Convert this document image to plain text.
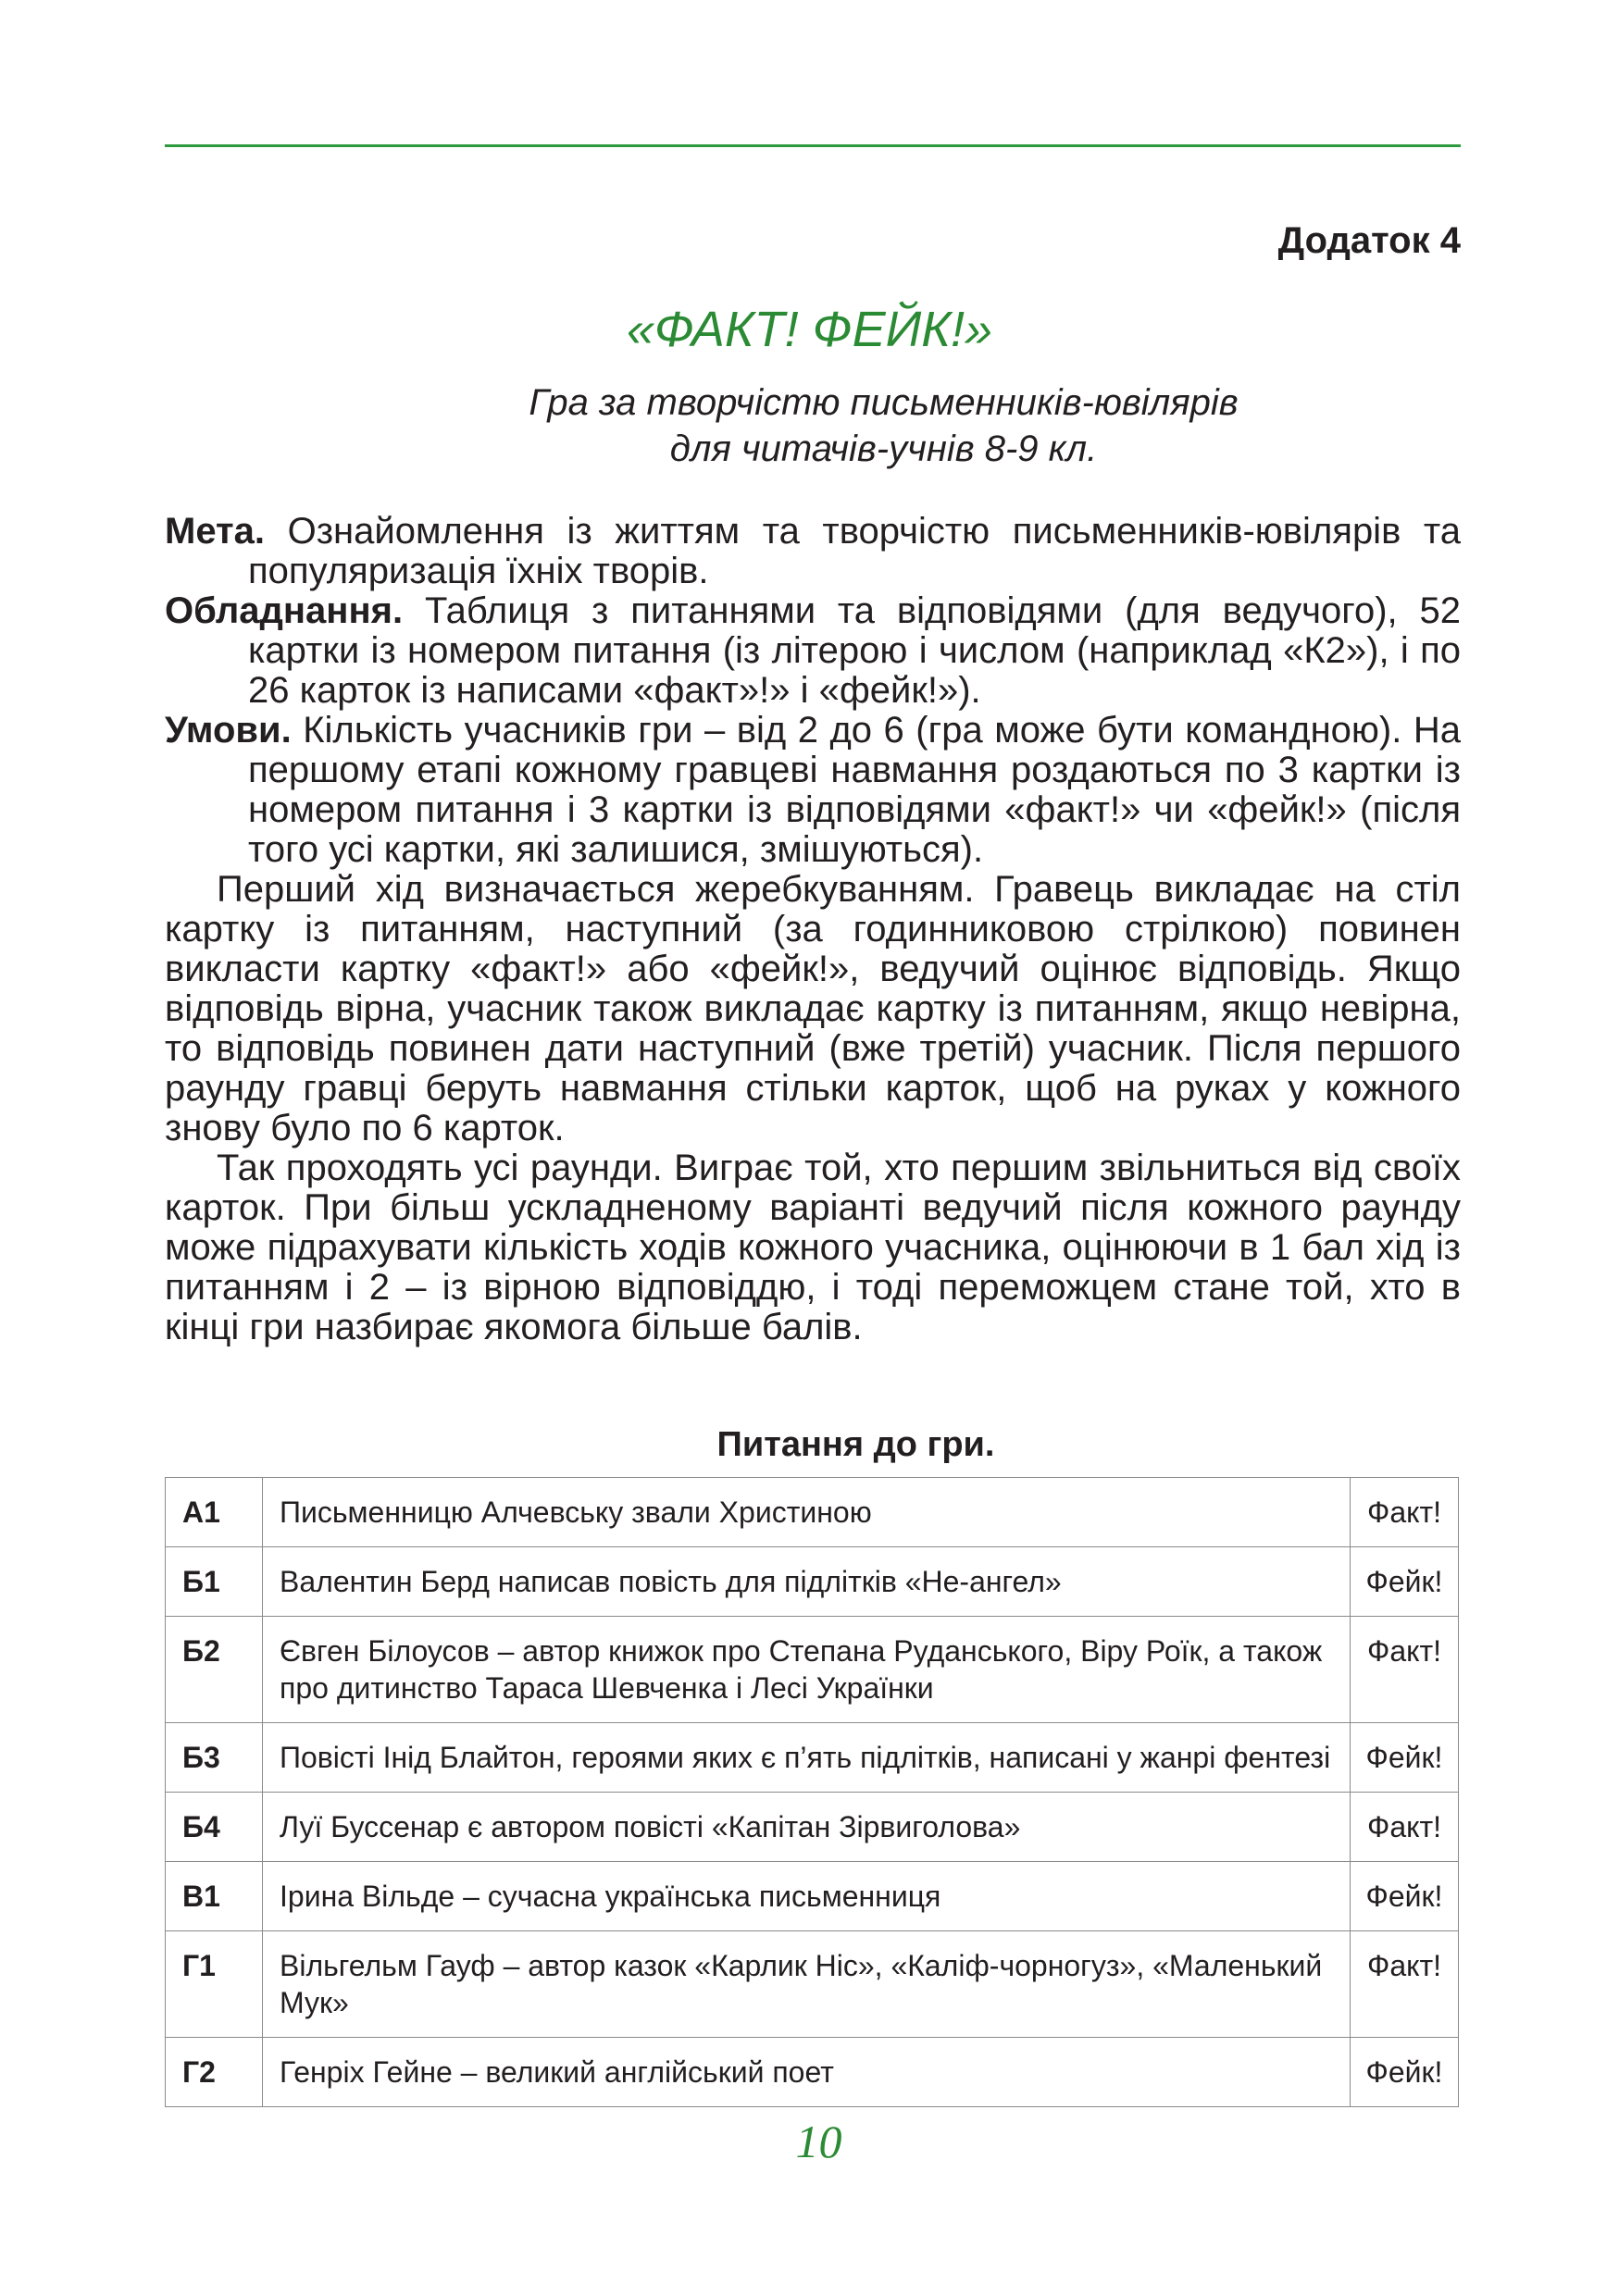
Додаток 4
«ФАКТ! ФЕЙК!»
Гра за творчістю письменників-ювілярів
для читачів-учнів 8-9 кл.

Мета. Ознайомлення із життям та творчістю письменників-ювілярів та популяризація їхніх творів.

Обладнання. Таблиця з питаннями та відповідями (для ведучого), 52 картки із номером питання (із літерою і числом (наприклад «К2»), і по 26 карток із написами «факт»!» і «фейк!»).

Умови. Кількість учасників гри – від 2 до 6 (гра може бути командною). На першому етапі кожному гравцеві навмання роздаються по 3 картки із номером питання і 3 картки із відповідями «факт!» чи «фейк!» (після того усі картки, які залишися, змішуються).

Перший хід визначається жеребкуванням. Гравець викладає на стіл картку із питанням, наступний (за годинниковою стрілкою) повинен викласти картку «факт!» або «фейк!», ведучий оцінює відповідь. Якщо відповідь вірна, учасник також викладає картку із питанням, якщо невірна, то відповідь повинен дати наступний (вже третій) учасник. Після першого раунду гравці беруть навмання стільки карток, щоб на руках у кожного знову було по 6 карток.

Так проходять усі раунди. Виграє той, хто першим звільниться від своїх карток. При більш ускладненому варіанті ведучий після кожного раунду може підрахувати кількість ходів кожного учасника, оцінюючи в 1 бал хід із питанням і 2 – із вірною відповіддю, і тоді переможцем стане той, хто в кінці гри назбирає якомога більше балів.

Питання до гри.
А1	Письменницю Алчевську звали Христиною	Факт!
Б1	Валентин Берд написав повість для підлітків «Не-ангел»	Фейк!
Б2	Євген Білоусов – автор книжок про Степана Руданського, Віру Роїк, а також про дитинство Тараса Шевченка і Лесі Українки	Факт!
Б3	Повісті Інід Блайтон, героями яких є п’ять підлітків, написані у жанрі фентезі	Фейк!
Б4	Луї Буссенар є автором повісті «Капітан Зірвиголова»	Факт!
В1	Ірина Вільде – сучасна українська письменниця	Фейк!
Г1	Вільгельм Гауф – автор казок «Карлик Ніс», «Каліф-чорногуз», «Маленький Мук»	Факт!
Г2	Генріх Гейне – великий англійський поет	Фейк!
10
